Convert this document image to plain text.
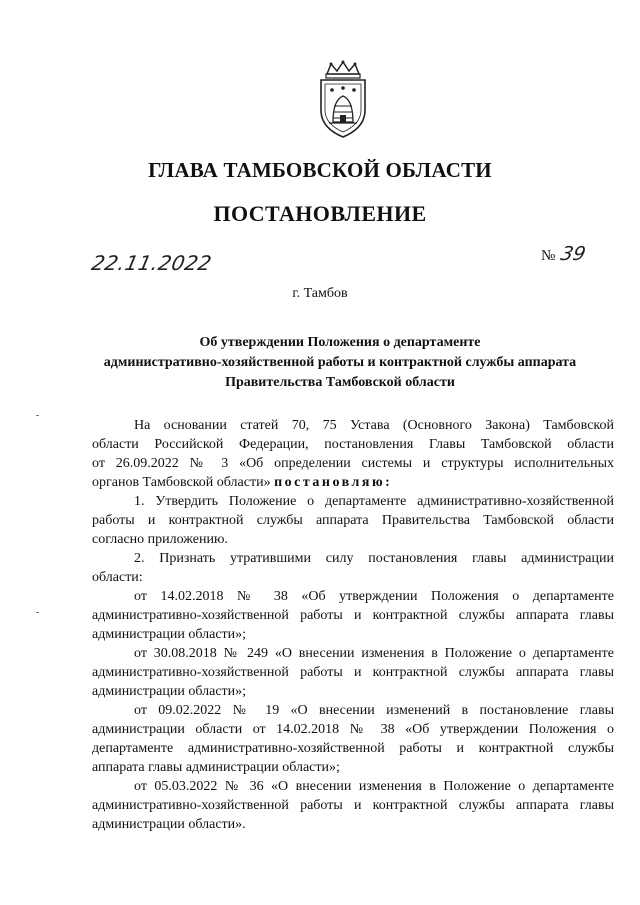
ГЛАВА ТАМБОВСКОЙ ОБЛАСТИ
ПОСТАНОВЛЕНИЕ
22.11.2022	№ 39
г. Тамбов
Об утверждении Положения о департаменте
административно-хозяйственной работы и контрактной службы аппарата
Правительства Тамбовской области
На основании статей 70, 75 Устава (Основного Закона) Тамбовской
области Российской Федерации, постановления Главы Тамбовской области
от 26.09.2022 № 3 «Об определении системы и структуры исполнительных
органов Тамбовской области» постановляю:
1. Утвердить Положение о департаменте административно-хозяйственной
работы и контрактной службы аппарата Правительства Тамбовской области
согласно приложению.
2. Признать утратившими силу постановления главы администрации
области:
от 14.02.2018 № 38 «Об утверждении Положения о департаменте
административно-хозяйственной работы и контрактной службы аппарата главы
администрации области»;
от 30.08.2018 № 249 «О внесении изменения в Положение о департаменте
административно-хозяйственной работы и контрактной службы аппарата главы
администрации области»;
от 09.02.2022 № 19 «О внесении изменений в постановление главы
администрации области от 14.02.2018 № 38 «Об утверждении Положения о
департаменте административно-хозяйственной работы и контрактной службы
аппарата главы администрации области»;
от 05.03.2022 № 36 «О внесении изменения в Положение о департаменте
административно-хозяйственной работы и контрактной службы аппарата главы
администрации области».
